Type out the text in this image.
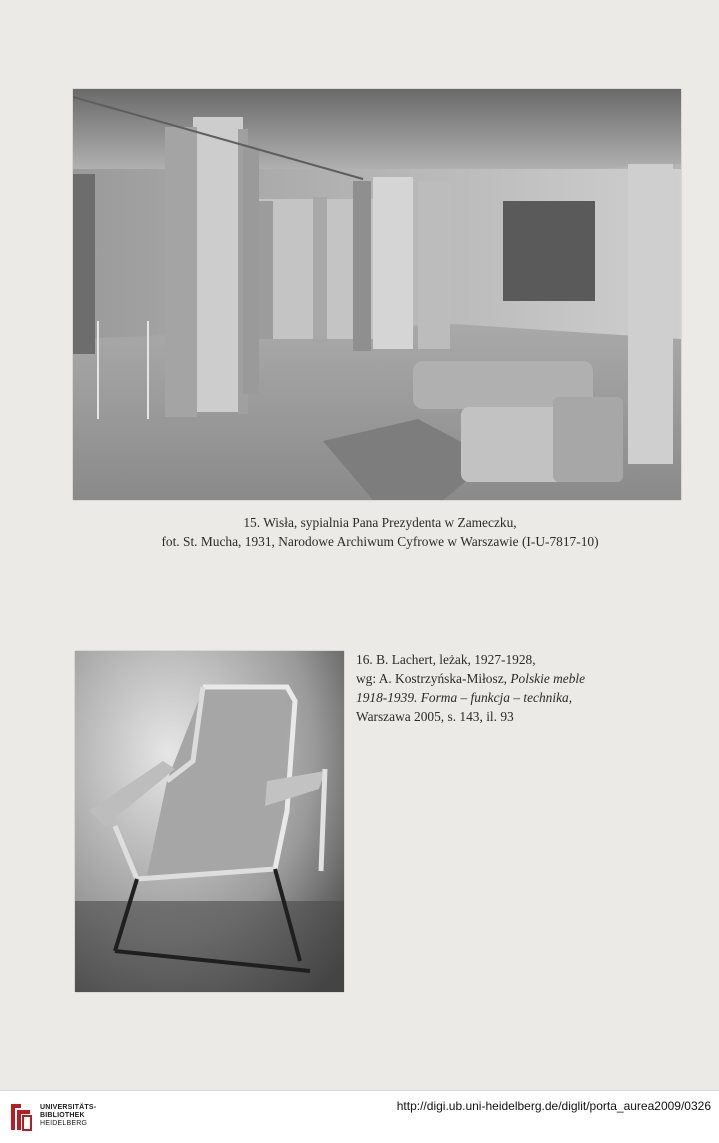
15. Wisła, sypialnia Pana Prezydenta w Zameczku,
fot. St. Mucha, 1931, Narodowe Archiwum Cyfrowe w Warszawie (I-U-7817-10)
16. B. Lachert, leżak, 1927-1928,
wg: A. Kostrzyńska-Miłosz, Polskie meble
1918-1939. Forma – funkcja – technika,
Warszawa 2005, s. 143, il. 93
UNIVERSITÄTS-
BIBLIOTHEK
HEIDELBERG
http://digi.ub.uni-heidelberg.de/diglit/porta_aurea2009/0326
